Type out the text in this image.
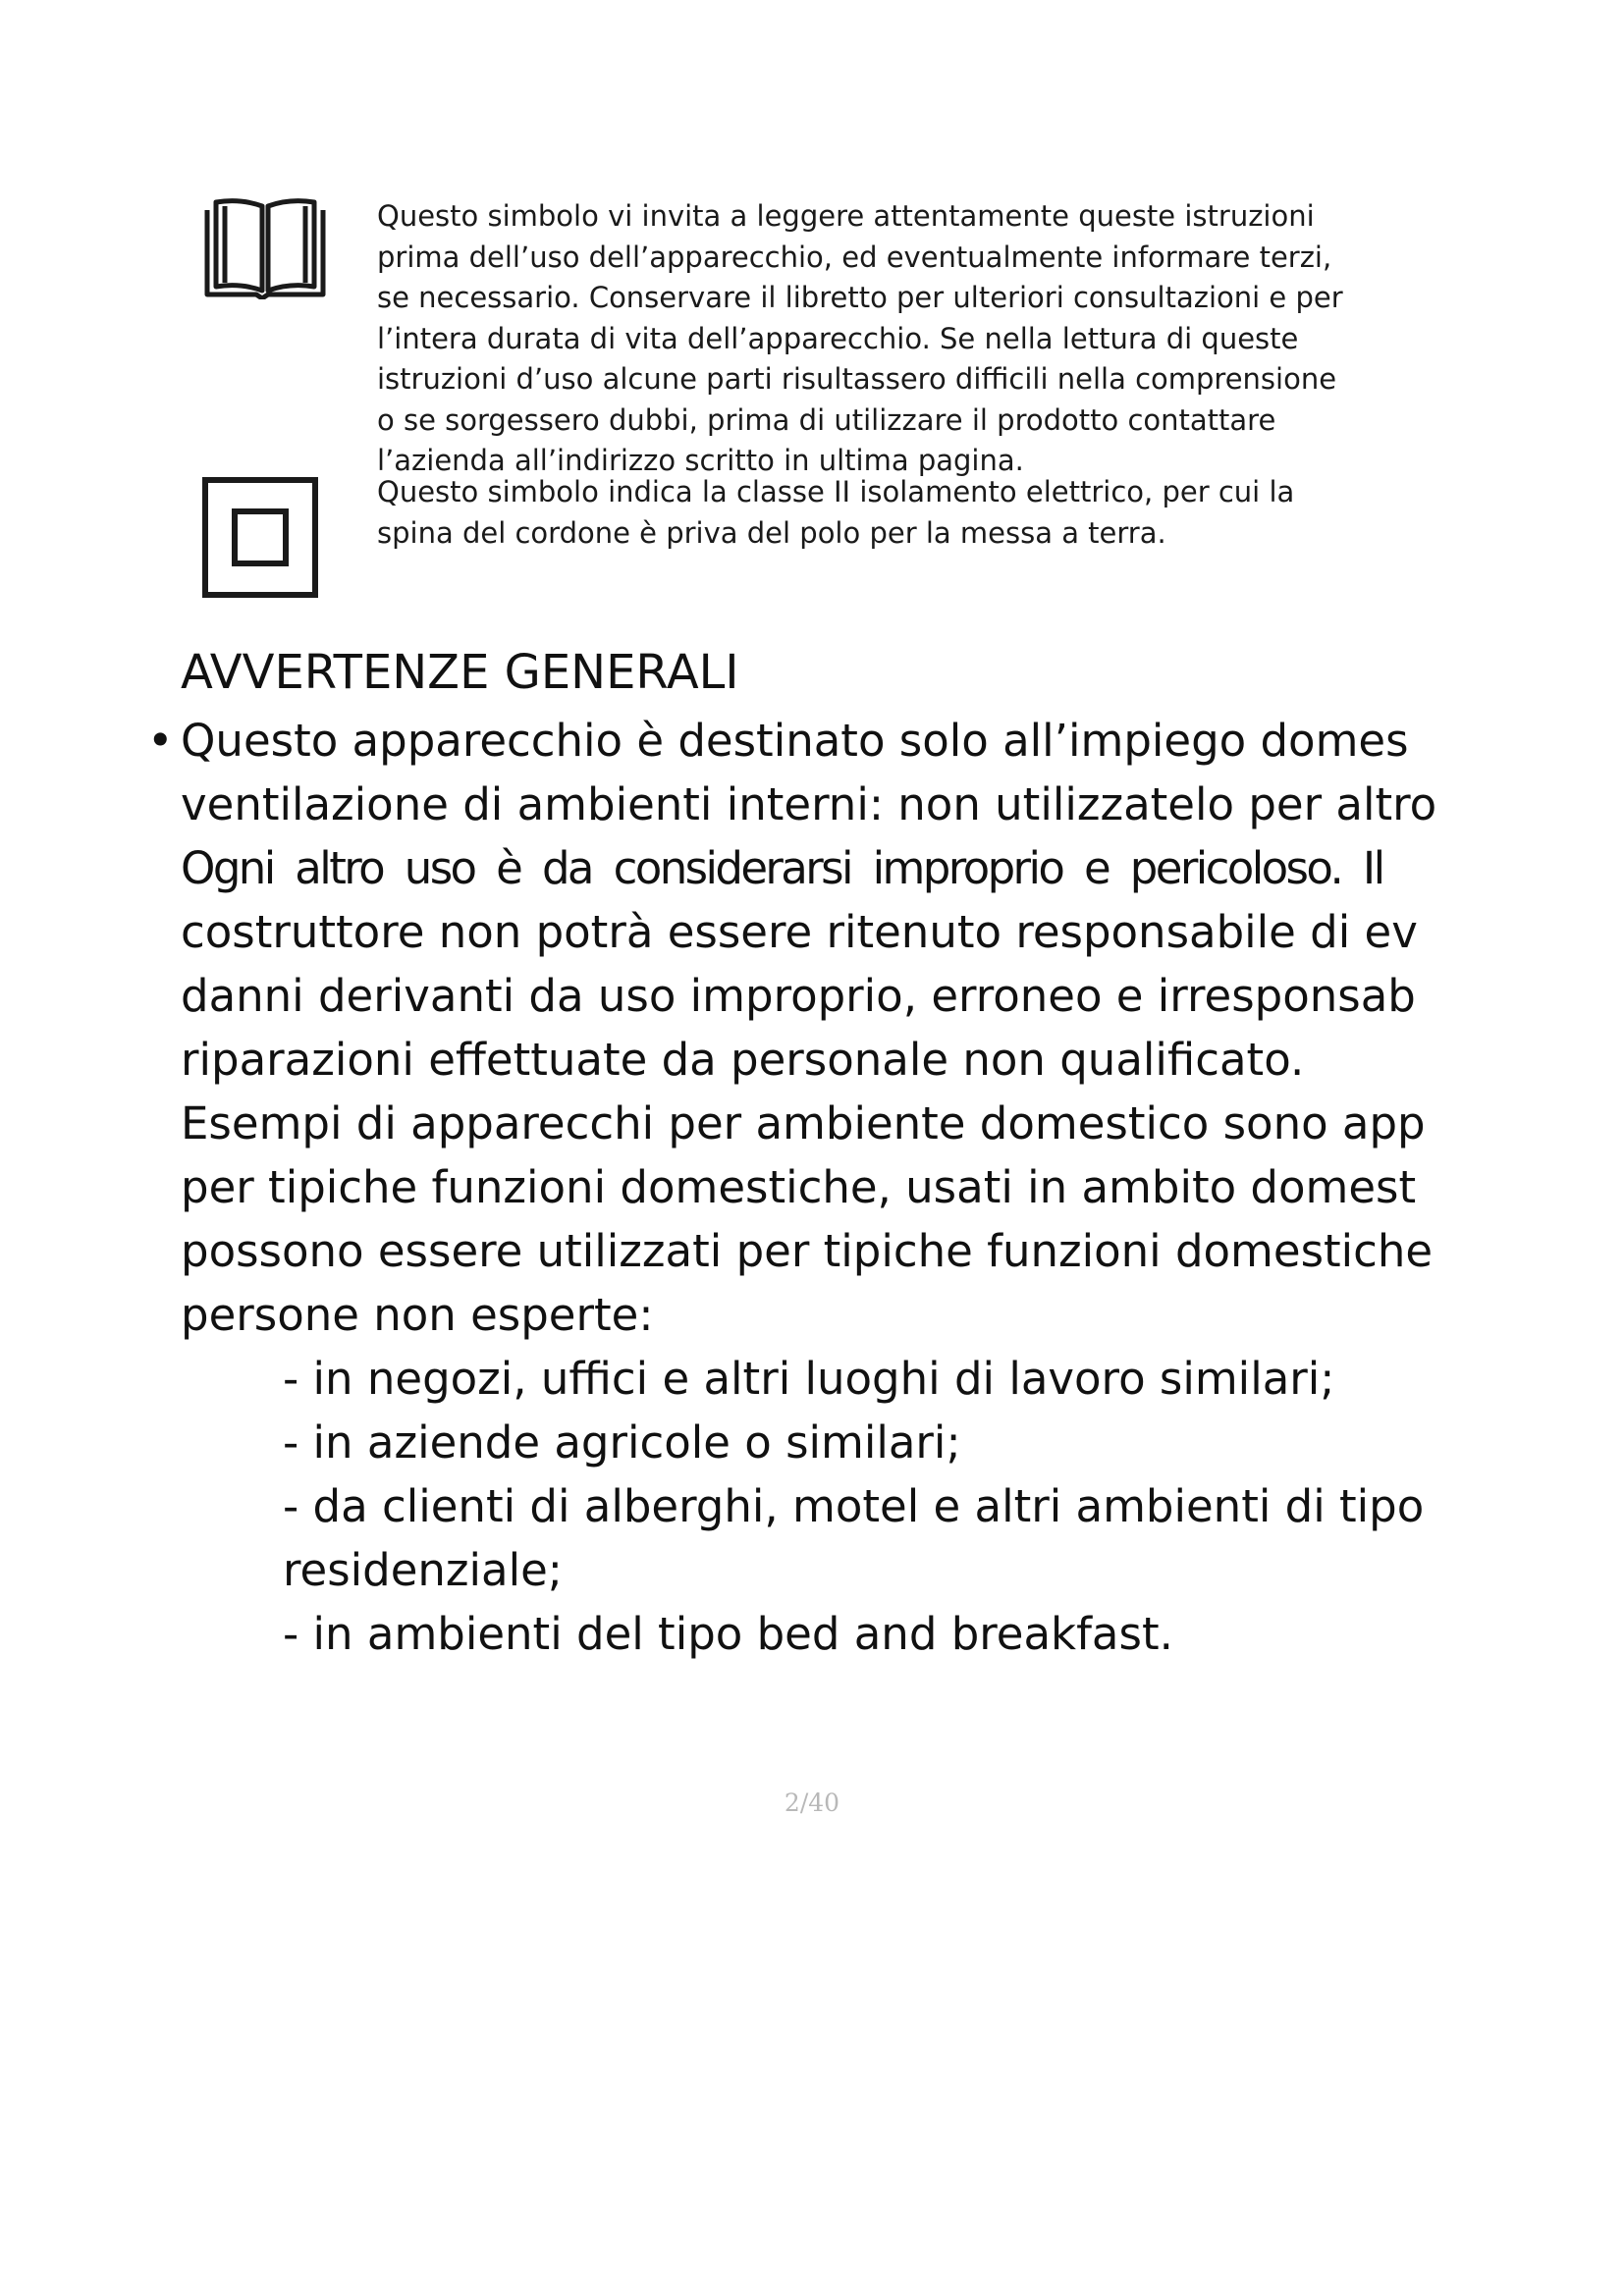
Questo simbolo vi invita a leggere attentamente queste istruzioni
prima dell’uso dell’apparecchio, ed eventualmente informare terzi,
se necessario. Conservare il libretto per ulteriori consultazioni e per
l’intera durata di vita dell’apparecchio. Se nella lettura di queste
istruzioni d’uso alcune parti risultassero difficili nella comprensione
o se sorgessero dubbi, prima di utilizzare il prodotto contattare
l’azienda all’indirizzo scritto in ultima pagina.
Questo simbolo indica la classe II isolamento elettrico, per cui la
spina del cordone è priva del polo per la messa a terra.
AVVERTENZE GENERALI
• Questo apparecchio è destinato solo all’impiego domes
ventilazione di ambienti interni: non utilizzatelo per altro
Ogni altro uso è da considerarsi improprio e pericoloso. Il
costruttore non potrà essere ritenuto responsabile di ev
danni derivanti da uso improprio, erroneo e irresponsab
riparazioni effettuate da personale non qualificato.
Esempi di apparecchi per ambiente domestico sono app
per tipiche funzioni domestiche, usati in ambito domest
possono essere utilizzati per tipiche funzioni domestiche
persone non esperte:
- in negozi, uffici e altri luoghi di lavoro similari;
- in aziende agricole o similari;
- da clienti di alberghi, motel e altri ambienti di tipo
residenziale;
- in ambienti del tipo bed and breakfast.
2/40
